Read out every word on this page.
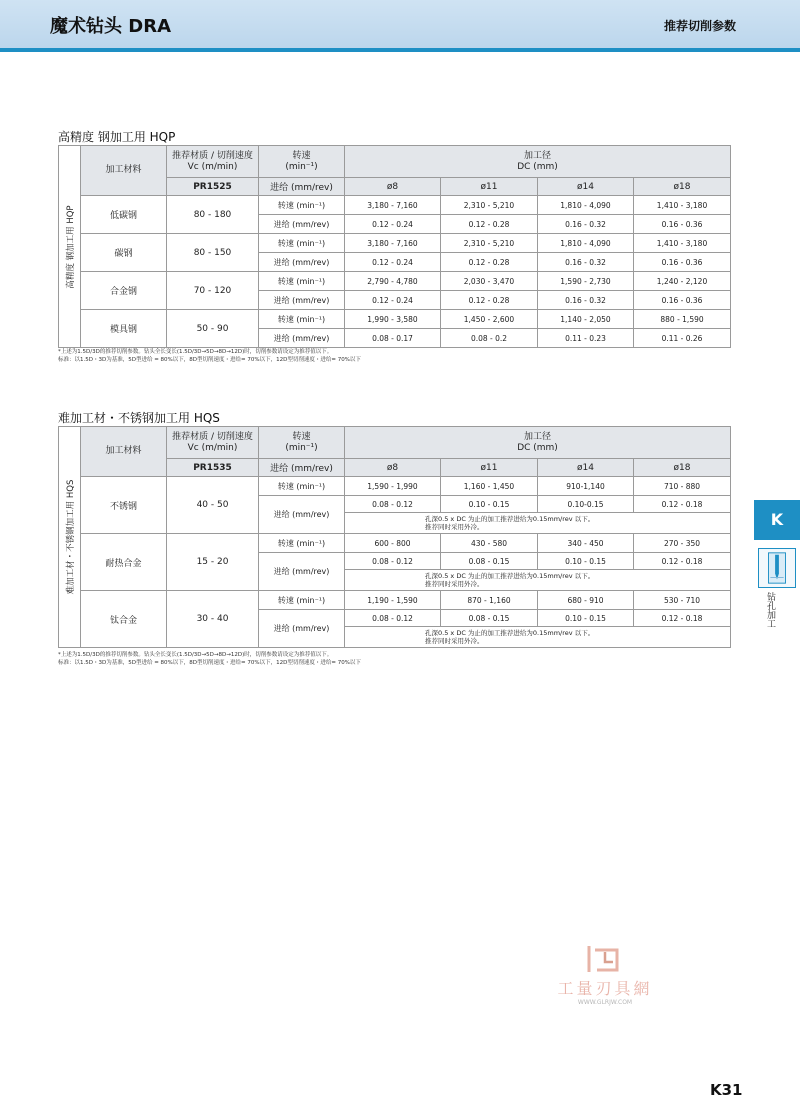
魔术钻头 DRA	推荐切削参数
高精度 钢加工用 HQP
高精度 钢加工用 HQP	加工材料	推荐材质 / 切削速度
Vc (m/min)	转速
(min⁻¹)	加工径
DC (mm)			
		PR1525	进给 (mm/rev)	ø8	ø11	ø14	ø18
	低碳钢	80 - 180	转速 (min⁻¹)	3,180 - 7,160	2,310 - 5,210	1,810 - 4,090	1,410 - 3,180
			进给 (mm/rev)	0.12 - 0.24	0.12 - 0.28	0.16 - 0.32	0.16 - 0.36
	碳钢	80 - 150	转速 (min⁻¹)	3,180 - 7,160	2,310 - 5,210	1,810 - 4,090	1,410 - 3,180
			进给 (mm/rev)	0.12 - 0.24	0.12 - 0.28	0.16 - 0.32	0.16 - 0.36
	合金钢	70 - 120	转速 (min⁻¹)	2,790 - 4,780	2,030 - 3,470	1,590 - 2,730	1,240 - 2,120
			进给 (mm/rev)	0.12 - 0.24	0.12 - 0.28	0.16 - 0.32	0.16 - 0.36
	模具钢	50 - 90	转速 (min⁻¹)	1,990 - 3,580	1,450 - 2,600	1,140 - 2,050	880 - 1,590
			进给 (mm/rev)	0.08 - 0.17	0.08 - 0.2	0.11 - 0.23	0.11 - 0.26
*上述为1.5D/3D的推荐切削参数。钻头全长变长(1.5D/3D→5D→8D→12D)时，切削参数请设定为推荐值以下。
标准：以1.5D・3D为基准，5D型进给 = 80%以下，8D型切削速度・进给= 70%以下，12D型切削速度・进给= 70%以下
难加工材・不锈钢加工用 HQS
难加工材・不锈钢加工用 HQS	加工材料	推荐材质 / 切削速度
Vc (m/min)	转速
(min⁻¹)	加工径
DC (mm)			
		PR1535	进给 (mm/rev)	ø8	ø11	ø14	ø18
	不锈钢	40 - 50	转速 (min⁻¹)	1,590 - 1,990	1,160 - 1,450	910-1,140	710 - 880
			进给 (mm/rev)	0.08 - 0.12	0.10 - 0.15	0.10-0.15	0.12 - 0.18

				孔深0.5 x DC 为止的加工推荐进给为0.15mm/rev 以下。
推荐同时采用外冷。			

	耐热合金	15 - 20	转速 (min⁻¹)	600 - 800	430 - 580	340 - 450	270 - 350
			进给 (mm/rev)	0.08 - 0.12	0.08 - 0.15	0.10 - 0.15	0.12 - 0.18

				孔深0.5 x DC 为止的加工推荐进给为0.15mm/rev 以下。
推荐同时采用外冷。			

	钛合金	30 - 40	转速 (min⁻¹)	1,190 - 1,590	870 - 1,160	680 - 910	530 - 710
			进给 (mm/rev)	0.08 - 0.12	0.08 - 0.15	0.10 - 0.15	0.12 - 0.18

				孔深0.5 x DC 为止的加工推荐进给为0.15mm/rev 以下。
推荐同时采用外冷。			
*上述为1.5D/3D的推荐切削参数。钻头全长变长(1.5D/3D→5D→8D→12D)时，切削参数请设定为推荐值以下。
标准：以1.5D・3D为基准，5D型进给 = 80%以下，8D型切削速度・进给= 70%以下，12D型切削速度・进给= 70%以下
K
钻孔加工
工量刃具網
WWW.GLRJW.COM
K31
